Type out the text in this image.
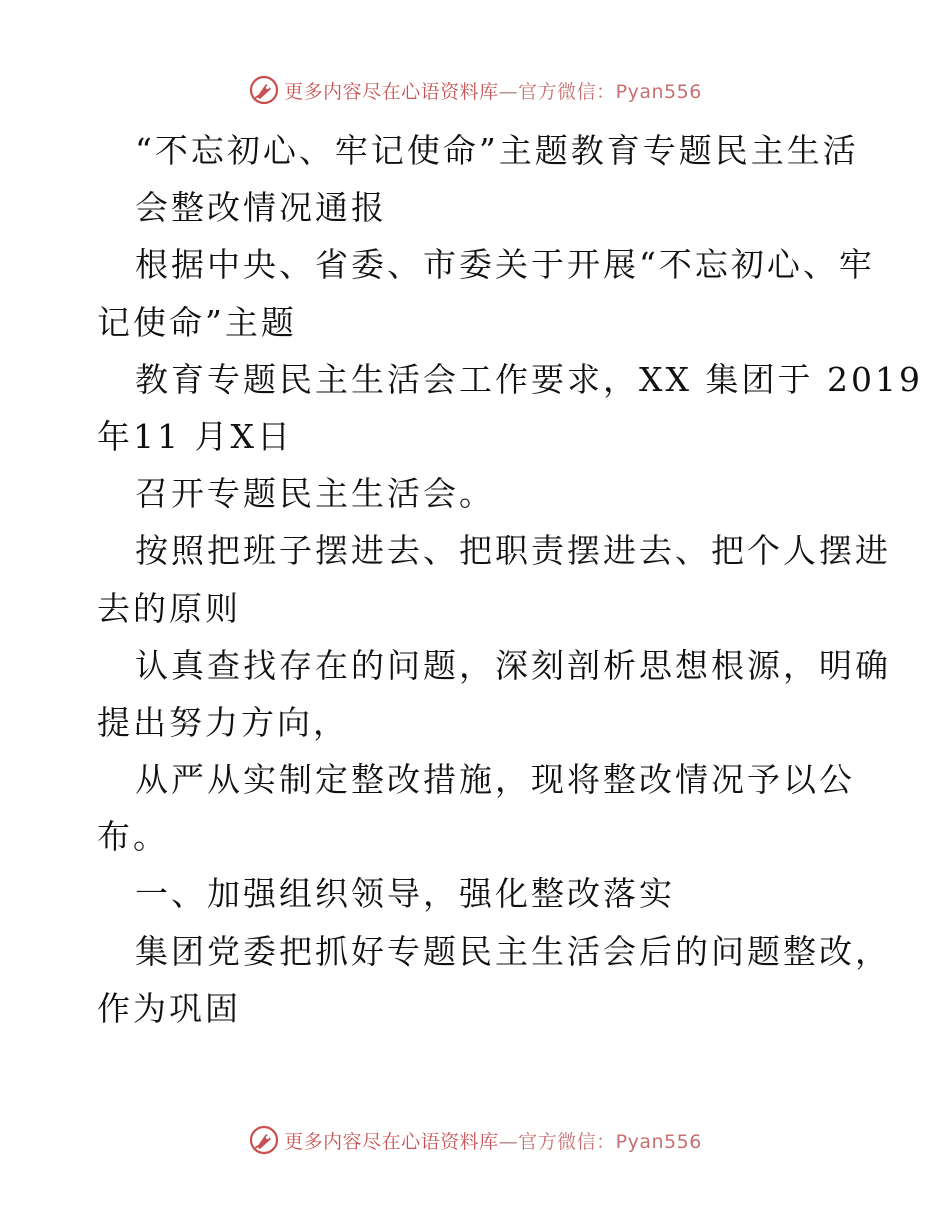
更多内容尽在心语资料库—官方微信：Pyan556
“不忘初心、牢记使命”主题教育专题民主生活
会整改情况通报
根据中央、省委、市委关于开展“不忘初心、牢
记使命”主题
教育专题民主生活会工作要求，XX 集团于 2019
年11 月X日
召开专题民主生活会。
按照把班子摆进去、把职责摆进去、把个人摆进
去的原则
认真查找存在的问题，深刻剖析思想根源，明确
提出努力方向，
从严从实制定整改措施，现将整改情况予以公
布。
一、加强组织领导，强化整改落实
集团党委把抓好专题民主生活会后的问题整改，
作为巩固
更多内容尽在心语资料库—官方微信：Pyan556
